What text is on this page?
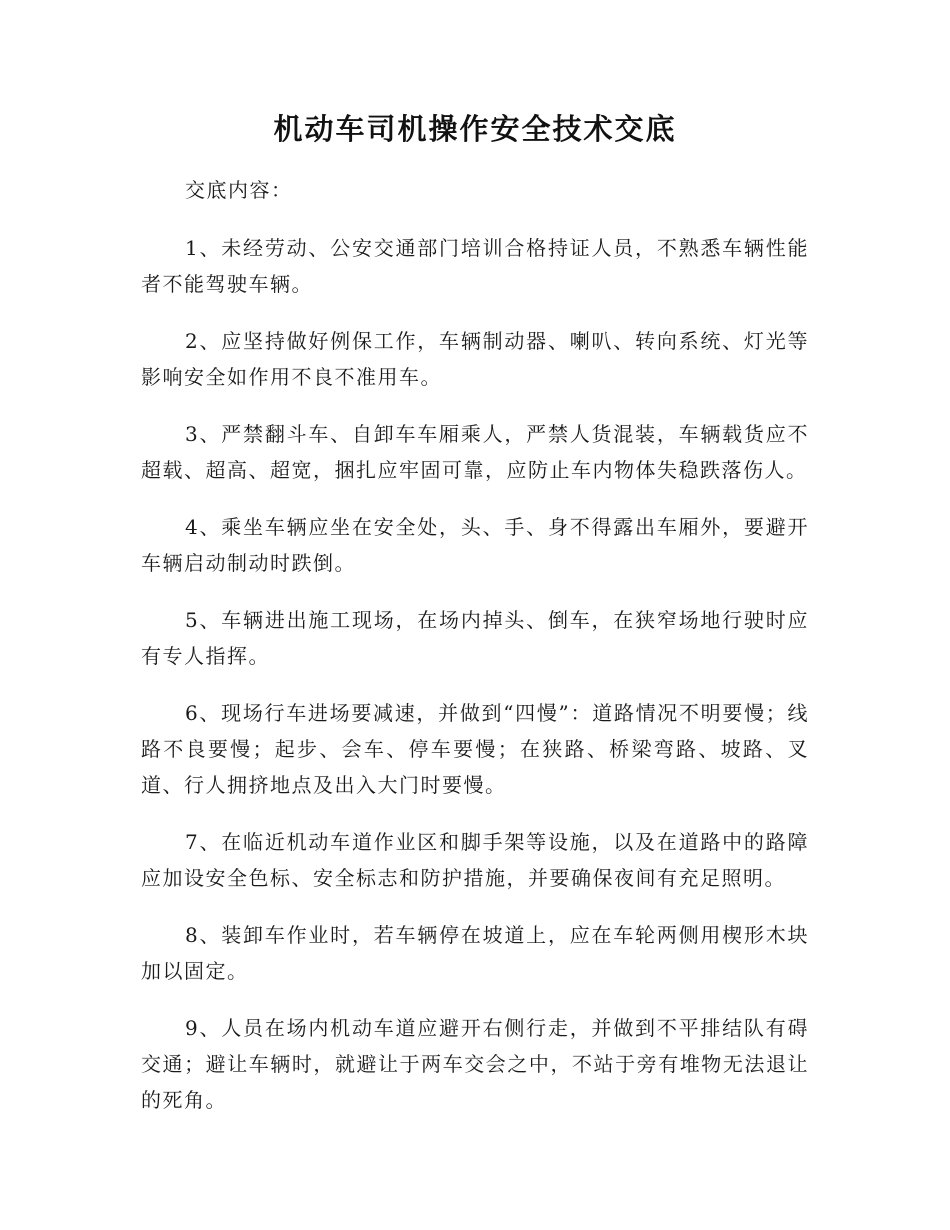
机动车司机操作安全技术交底

交底内容：

1、未经劳动、公安交通部门培训合格持证人员，不熟悉车辆性能者不能驾驶车辆。
2、应坚持做好例保工作，车辆制动器、喇叭、转向系统、灯光等影响安全如作用不良不准用车。
3、严禁翻斗车、自卸车车厢乘人，严禁人货混装，车辆载货应不超载、超高、超宽，捆扎应牢固可靠，应防止车内物体失稳跌落伤人。
4、乘坐车辆应坐在安全处，头、手、身不得露出车厢外，要避开车辆启动制动时跌倒。
5、车辆进出施工现场，在场内掉头、倒车，在狭窄场地行驶时应有专人指挥。
6、现场行车进场要减速，并做到“四慢”：道路情况不明要慢；线路不良要慢；起步、会车、停车要慢；在狭路、桥梁弯路、坡路、叉道、行人拥挤地点及出入大门时要慢。
7、在临近机动车道作业区和脚手架等设施，以及在道路中的路障应加设安全色标、安全标志和防护措施，并要确保夜间有充足照明。
8、装卸车作业时，若车辆停在坡道上，应在车轮两侧用楔形木块加以固定。
9、人员在场内机动车道应避开右侧行走，并做到不平排结队有碍交通；避让车辆时，就避让于两车交会之中，不站于旁有堆物无法退让的死角。
